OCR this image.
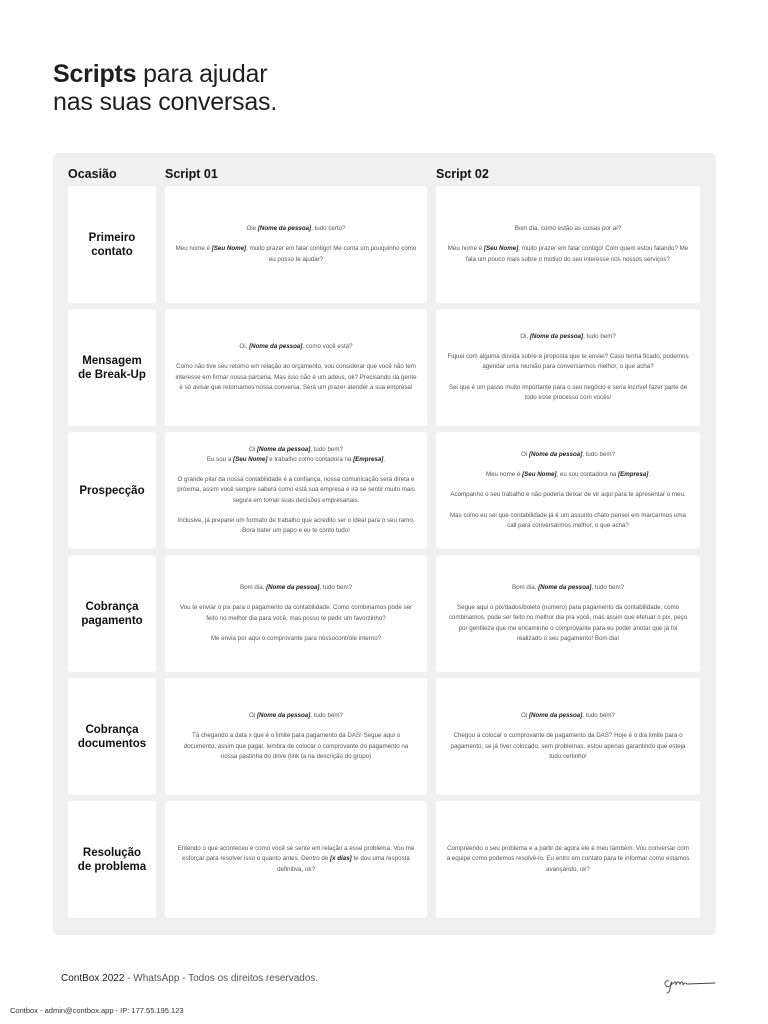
Scripts para ajudar
nas suas conversas.
Ocasião	Script 01	Script 02
Primeiro
contato

Oie [Nome da pessoa], tudo certo?

Meu nome é [Seu Nome], muito prazer em falar contigo! Me conta um pouquinho como eu posso te ajudar?

Bom dia, como estão as coisas por aí?

Meu nome é [Seu Nome], muito prazer em falar contigo! Com quem estou falando? Me fala um pouco mais sobre o motivo do seu interesse nos nossos serviços?

Mensagem
de Break-Up

Oi, [Nome da pessoa], como você está?

Como não tive seu retorno em relação ao orçamento, vou considerar que você não tem interesse em firmar nossa parceria. Mas isso não é um adeus, ok? Precisando da gente é só avisar que retornamos nossa conversa. Será um prazer atender a sua empresa!

Oi, [Nome da pessoa], tudo bem?

Fiquei com alguma dúvida sobre a proposta que te enviei? Caso tenha ficado, podemos agendar uma reunião para conversarmos melhor, o que acha?

Sei que é um passo muito importante para o seu negócio e seria incrível fazer parte de todo esse processo com vocês!

Prospecção

Oi [Nome da pessoa], tudo bem?
Eu sou a [Seu Nome] e trabalho como contadora na [Empresa].

O grande pilar da nossa contabilidade é a confiança, nossa comunicação será direta e próxima, assim você sempre saberá como está sua empresa e irá se sentir muito mais segura em tomar suas decisões empresariais.

Inclusive, já preparei um formato de trabalho que acredito ser o ideal para o seu ramo. Bora bater um papo e eu te conto tudo!

Oi [Nome da pessoa], tudo bem?

Meu nome é [Seu Nome], eu sou contadora na [Empresa].

Acompanho o seu trabalho e não poderia deixar de vir aqui para te apresentar o meu.

Mas como eu sei que contabilidade já é um assunto chato pensei em marcarmos uma call para conversarmos melhor, o que acha?

Cobrança
pagamento

Bom dia, [Nome da pessoa], tudo bem?

Vou te enviar o pix para o pagamento da contabilidade. Como combinamos pode ser feito no melhor dia para você, mas posso te pedir um favorzinho?

Me envia por aqui o comprovante para nossocontrole interno?

Bom dia, [Nome da pessoa], tudo bem?

Segue aqui o pix/dados/boleto (número) para pagamento da contabilidade, como combinamos, pode ser feito no melhor dia pra você, mas assim que efetuar o pix, peço por gentileza que me encaminhe o comprovante para eu poder anotar que já foi realizado o seu pagamento! Bom dia!

Cobrança
documentos

Oi [Nome da pessoa], tudo bem?

Tá chegando a data x que é o limite para pagamento da DAS! Segue aqui o documento, assim que pagar, lembra de colocar o comprovante do pagamento na nossa pastinha do drive (link ta na descrição do grupo)

Oi [Nome da pessoa], tudo bem?

Chegou a colocar o comprovante de pagamento da DAS? Hoje é o dia limite para o pagamento, se já tiver colocado, sem problemas, estou apenas garantindo que esteja tudo certinho!

Resolução
de problema

Entendo o que aconteceu e como você se sente em relação a esse problema. Vou me esforçar para resolver isso o quanto antes. Dentro de [x dias] te dou uma resposta definitiva, ok?

Compreendo o seu problema e a partir de agora ele é meu também. Vou conversar com a equipe como podemos resolvê-lo. Eu entro em contato para te informar como estamos avançando, ok?

ContBox 2022 - WhatsApp - Todos os direitos reservados.
Contbox - admin@contbox.app - IP: 177.55.195.123
